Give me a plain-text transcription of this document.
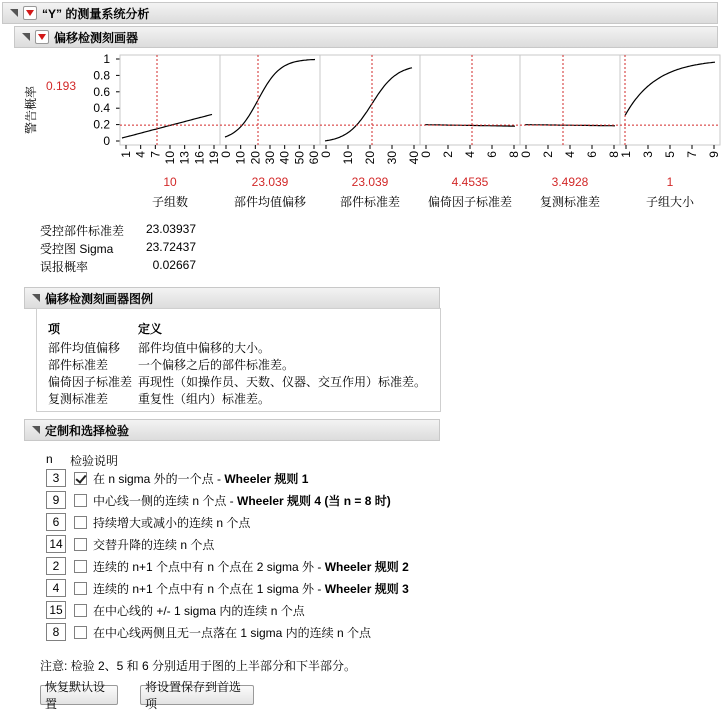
“Y” 的测量系统分析
偏移检测刻画器
警告概率 0.193
1
0.8
0.6
0.4
0.2
0
1 4 7 10 13 16 19
0 10 20 30 40 50 60
0 10 20 30 40
0 2 4 6 8
0 2 4 6 8
1 3 5 7 9
10
子组数
23.039
部件均值偏移
23.039
部件标准差
4.4535
偏倚因子标准差
3.4928
复测标准差
1
子组大小
受控部件标准差 23.03937
受控图 Sigma	23.72437
误报概率	0.02667
偏移检测刻画器图例
项	定义
部件均值偏移 部件均值中偏移的大小。
部件标准差 一个偏移之后的部件标准差。
偏倚因子标准差 再现性（如操作员、天数、仪器、交互作用）标准差。
复测标准差 重复性（组内）标准差。
定制和选择检验
n 检验说明
3	在 n sigma 外的一个点 - Wheeler 规则 1
9	中心线一侧的连续 n 个点 - Wheeler 规则 4 (当 n = 8 时)
6	持续增大或减小的连续 n 个点
14	交替升降的连续 n 个点
2	连续的 n+1 个点中有 n 个点在 2 sigma 外 - Wheeler 规则 2
4	连续的 n+1 个点中有 n 个点在 1 sigma 外 - Wheeler 规则 3
15	在中心线的 +/- 1 sigma 内的连续 n 个点
8	在中心线两侧且无一点落在 1 sigma 内的连续 n 个点
注意: 检验 2、5 和 6 分别适用于图的上半部分和下半部分。
恢复默认设置
将设置保存到首选项
